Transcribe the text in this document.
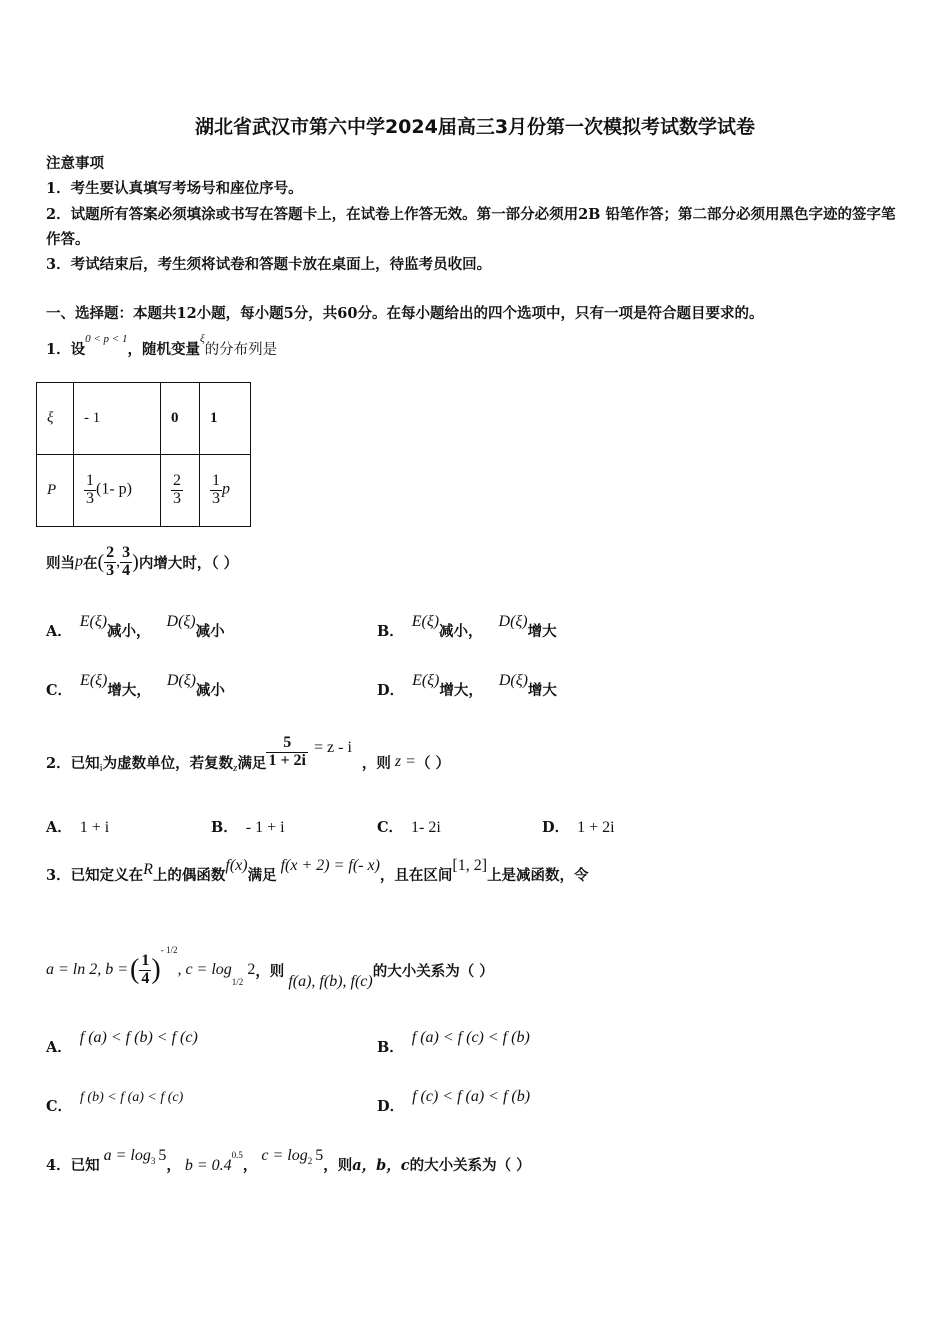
湖北省武汉市第六中学2024届高三3月份第一次模拟考试数学试卷
注意事项
1．考生要认真填写考场号和座位序号。
2．试题所有答案必须填涂或书写在答题卡上，在试卷上作答无效。第一部分必须用2B 铅笔作答；第二部分必须用黑色字迹的签字笔作答。
3．考试结束后，考生须将试卷和答题卡放在桌面上，待监考员收回。
一、选择题：本题共12小题，每小题5分，共60分。在每小题给出的四个选项中，只有一项是符合题目要求的。
1．设$^{0 < p < 1}$，随机变量$^\xi$的分布列是
ξ	- 1	0	1
P	$\frac{1}{3} (1-$ p)	$\frac{2}{3}$	$\frac{1}{3}$ p
则当 p 在 ( $\frac{2}{3}$ , $\frac{3}{4}$ ) 内增大时，（ ）
A．E(ξ)减小，D(ξ)减小	B．E(ξ)减小，D(ξ)增大
C．E(ξ)增大，D(ξ)减小	D．E(ξ)增大，D(ξ)增大
2．已知 i 为虚数单位，若复数 z 满足 $\frac{5}{1 + 2i} = z - i$
，则 z = （ ）
A． 1 + i	B． - 1 + i	C． 1- 2i	D． 1 + 2i
3．已知定义在R上的偶函数f(x)满足f(x + 2) = f(- x)，且在区间[1, 2]上是减函数，令
a = ln 2, b = ( $\frac{1}{4}$ )
- 1/2
, c = log
1/2
2 ，则
f(a), f(b), f(c)
的大小关系为（ ）
A．f (a) < f (b) < f (c)
B．f (a) < f (c) < f (b)
C．f (b) < f (a) < f (c)
D．f (c) < f (a) < f (b)
4．已知$a = \log^3 5$， $b = 0.4^{0.5}$，$c = \log^2 5$，则a，b，c的大小关系为（ ）
